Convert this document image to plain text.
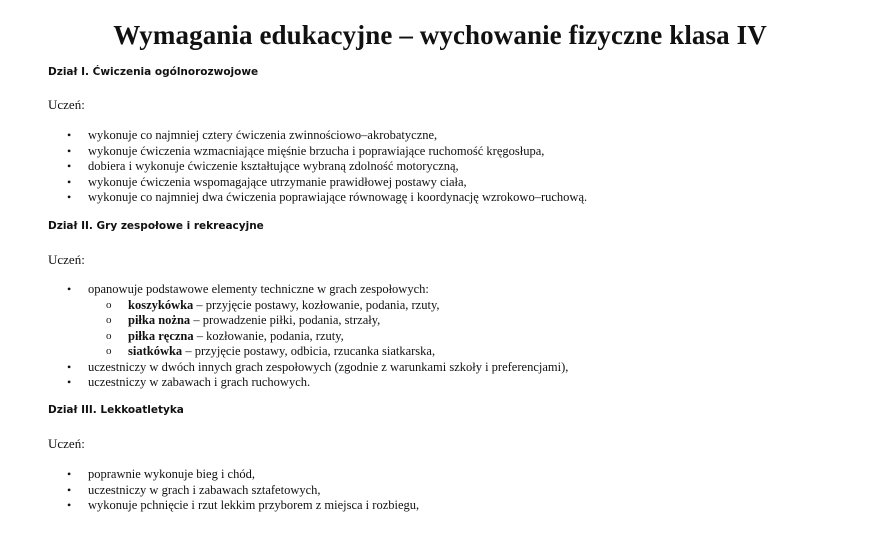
Wymagania edukacyjne – wychowanie fizyczne klasa IV
Dział I. Ćwiczenia ogólnorozwojowe
Uczeń:
• wykonuje co najmniej cztery ćwiczenia zwinnościowo–akrobatyczne,
• wykonuje ćwiczenia wzmacniające mięśnie brzucha i poprawiające ruchomość kręgosłupa,
• dobiera i wykonuje ćwiczenie kształtujące wybraną zdolność motoryczną,
• wykonuje ćwiczenia wspomagające utrzymanie prawidłowej postawy ciała,
• wykonuje co najmniej dwa ćwiczenia poprawiające równowagę i koordynację wzrokowo–ruchową.
Dział II. Gry zespołowe i rekreacyjne
Uczeń:
• opanowuje podstawowe elementy techniczne w grach zespołowych:
o koszykówka – przyjęcie postawy, kozłowanie, podania, rzuty,
o piłka nożna – prowadzenie piłki, podania, strzały,
o piłka ręczna – kozłowanie, podania, rzuty,
o siatkówka – przyjęcie postawy, odbicia, rzucanka siatkarska,
• uczestniczy w dwóch innych grach zespołowych (zgodnie z warunkami szkoły i preferencjami),
• uczestniczy w zabawach i grach ruchowych.
Dział III. Lekkoatletyka
Uczeń:
• poprawnie wykonuje bieg i chód,
• uczestniczy w grach i zabawach sztafetowych,
• wykonuje pchnięcie i rzut lekkim przyborem z miejsca i rozbiegu,
